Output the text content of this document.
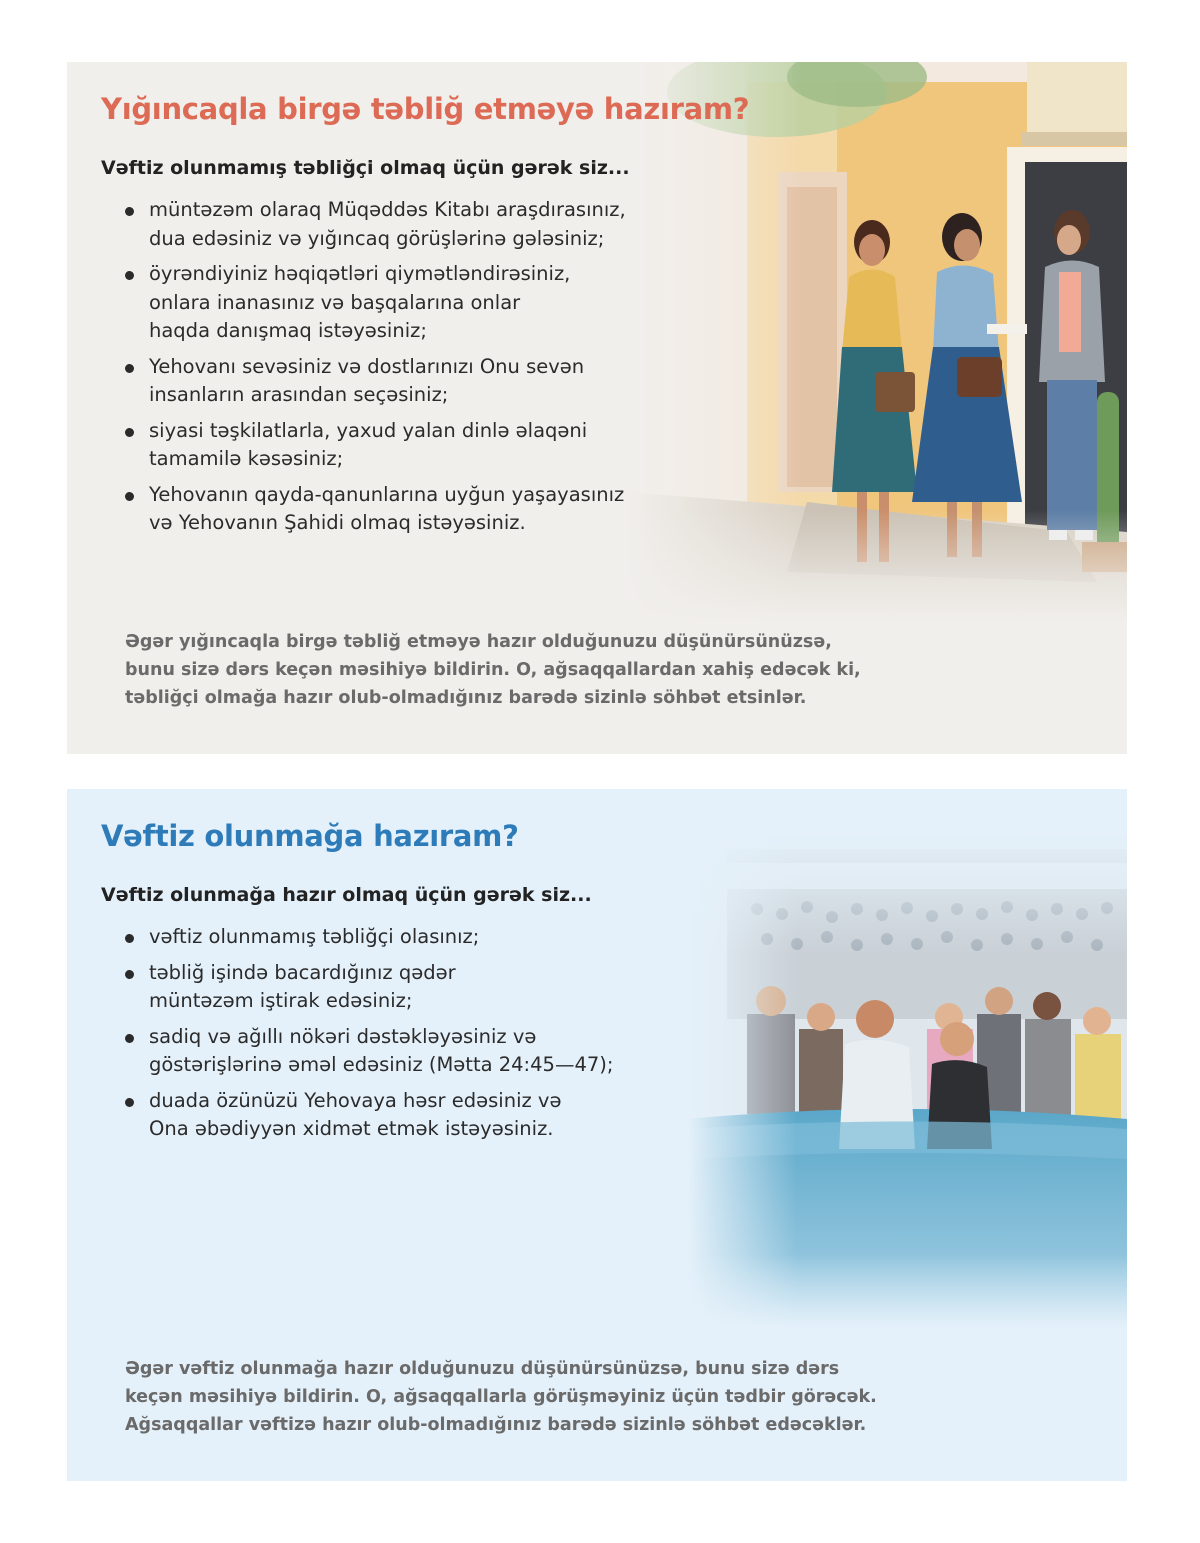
Yığıncaqla birgə təbliğ etməyə hazıram?

Vəftiz olunmamış təbliğçi olmaq üçün gərək siz...

müntəzəm olaraq Müqəddəs Kitabı araşdırasınız,
dua edəsiniz və yığıncaq görüşlərinə gələsiniz;
öyrəndiyiniz həqiqətləri qiymətləndirəsiniz,
onlara inanasınız və başqalarına onlar
haqda danışmaq istəyəsiniz;
Yehovanı sevəsiniz və dostlarınızı Onu sevən
insanların arasından seçəsiniz;
siyasi təşkilatlarla, yaxud yalan dinlə əlaqəni
tamamilə kəsəsiniz;
Yehovanın qayda-qanunlarına uyğun yaşayasınız
və Yehovanın Şahidi olmaq istəyəsiniz.

Əgər yığıncaqla birgə təbliğ etməyə hazır olduğunuzu düşünürsünüzsə,
bunu sizə dərs keçən məsihiyə bildirin. O, ağsaqqallardan xahiş edəcək ki,
təbliğçi olmağa hazır olub-olmadığınız barədə sizinlə söhbət etsinlər.

Vəftiz olunmağa hazıram?

Vəftiz olunmağa hazır olmaq üçün gərək siz...

vəftiz olunmamış təbliğçi olasınız;
təbliğ işində bacardığınız qədər
müntəzəm iştirak edəsiniz;
sadiq və ağıllı nökəri dəstəkləyəsiniz və
göstərişlərinə əməl edəsiniz (Mətta 24:45—47);
duada özünüzü Yehovaya həsr edəsiniz və
Ona əbədiyyən xidmət etmək istəyəsiniz.

Əgər vəftiz olunmağa hazır olduğunuzu düşünürsünüzsə, bunu sizə dərs
keçən məsihiyə bildirin. O, ağsaqqallarla görüşməyiniz üçün tədbir görəcək.
Ağsaqqallar vəftizə hazır olub-olmadığınız barədə sizinlə söhbət edəcəklər.
